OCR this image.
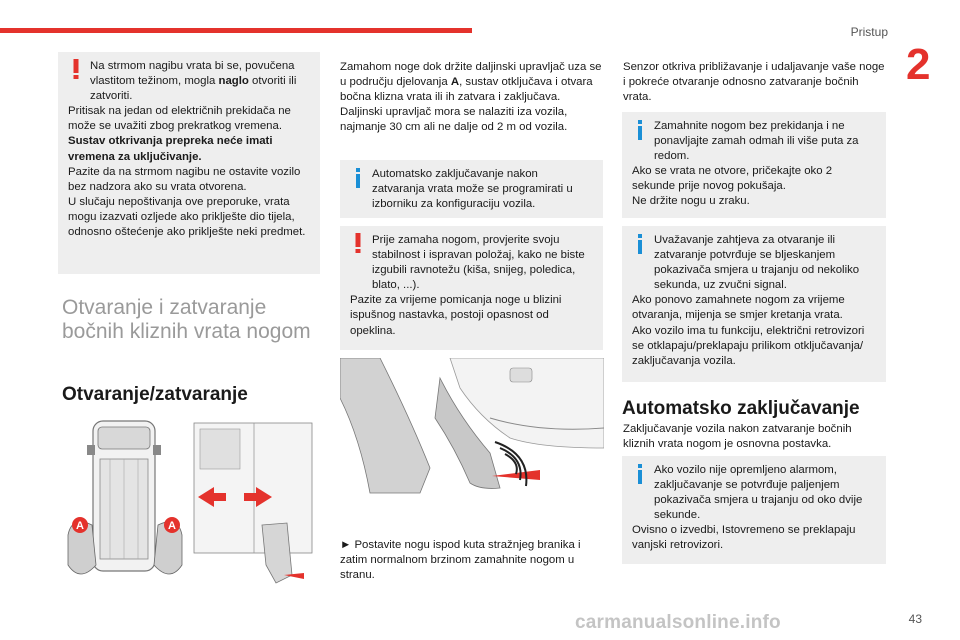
Pristup
2

Na strmom nagibu vrata bi se, povučena vlastitom težinom, mogla naglo otvoriti ili zatvoriti.

Pritisak na jedan od električnih prekidača ne može se uvažiti zbog prekratkog vremena.

Sustav otkrivanja prepreka neće imati vremena za uključivanje.

Pazite da na strmom nagibu ne ostavite vozilo bez nadzora ako su vrata otvorena.

U slučaju nepoštivanja ove preporuke, vrata mogu izazvati ozljede ako priklješte dio tijela, odnosno oštećenje ako priklješte neki predmet.

Otvaranje i zatvaranje bočnih kliznih vrata nogom
Otvaranje/zatvaranje
A	A

Zamahom noge dok držite daljinski upravljač uza se u području djelovanja A, sustav otključava i otvara bočna klizna vrata ili ih zatvara i zaključava.

Daljinski upravljač mora se nalaziti iza vozila, najmanje 30 cm ali ne dalje od 2 m od vozila.

Automatsko zaključavanje nakon zatvaranja vrata može se programirati u izborniku za konfiguraciju vozila.

Prije zamaha nogom, provjerite svoju stabilnost i ispravan položaj, kako ne biste izgubili ravnotežu (kiša, snijeg, poledica, blato, ...).

Pazite za vrijeme pomicanja noge u blizini ispušnog nastavka, postoji opasnost od opeklina.

► Postavite nogu ispod kuta stražnjeg branika i zatim normalnom brzinom zamahnite nogom u stranu.
Senzor otkriva približavanje i udaljavanje vaše noge i pokreće otvaranje odnosno zatvaranje bočnih vrata.

Zamahnite nogom bez prekidanja i ne ponavljajte zamah odmah ili više puta za redom.

Ako se vrata ne otvore, pričekajte oko 2 sekunde prije novog pokušaja.

Ne držite nogu u zraku.

Uvažavanje zahtjeva za otvaranje ili zatvaranje potvrđuje se bljeskanjem pokazivača smjera u trajanju od nekoliko sekunda, uz zvučni signal.

Ako ponovo zamahnete nogom za vrijeme otvaranja, mijenja se smjer kretanja vrata.

Ako vozilo ima tu funkciju, električni retrovizori se otklapaju/preklapaju prilikom otključavanja/ zaključavanja vozila.

Automatsko zaključavanje
Zaključavanje vozila nakon zatvaranje bočnih kliznih vrata nogom je osnovna postavka.

Ako vozilo nije opremljeno alarmom, zaključavanje se potvrđuje paljenjem pokazivača smjera u trajanju od oko dvije sekunde.

Ovisno o izvedbi, Istovremeno se preklapaju vanjski retrovizori.

carmanualsonline.info	43
